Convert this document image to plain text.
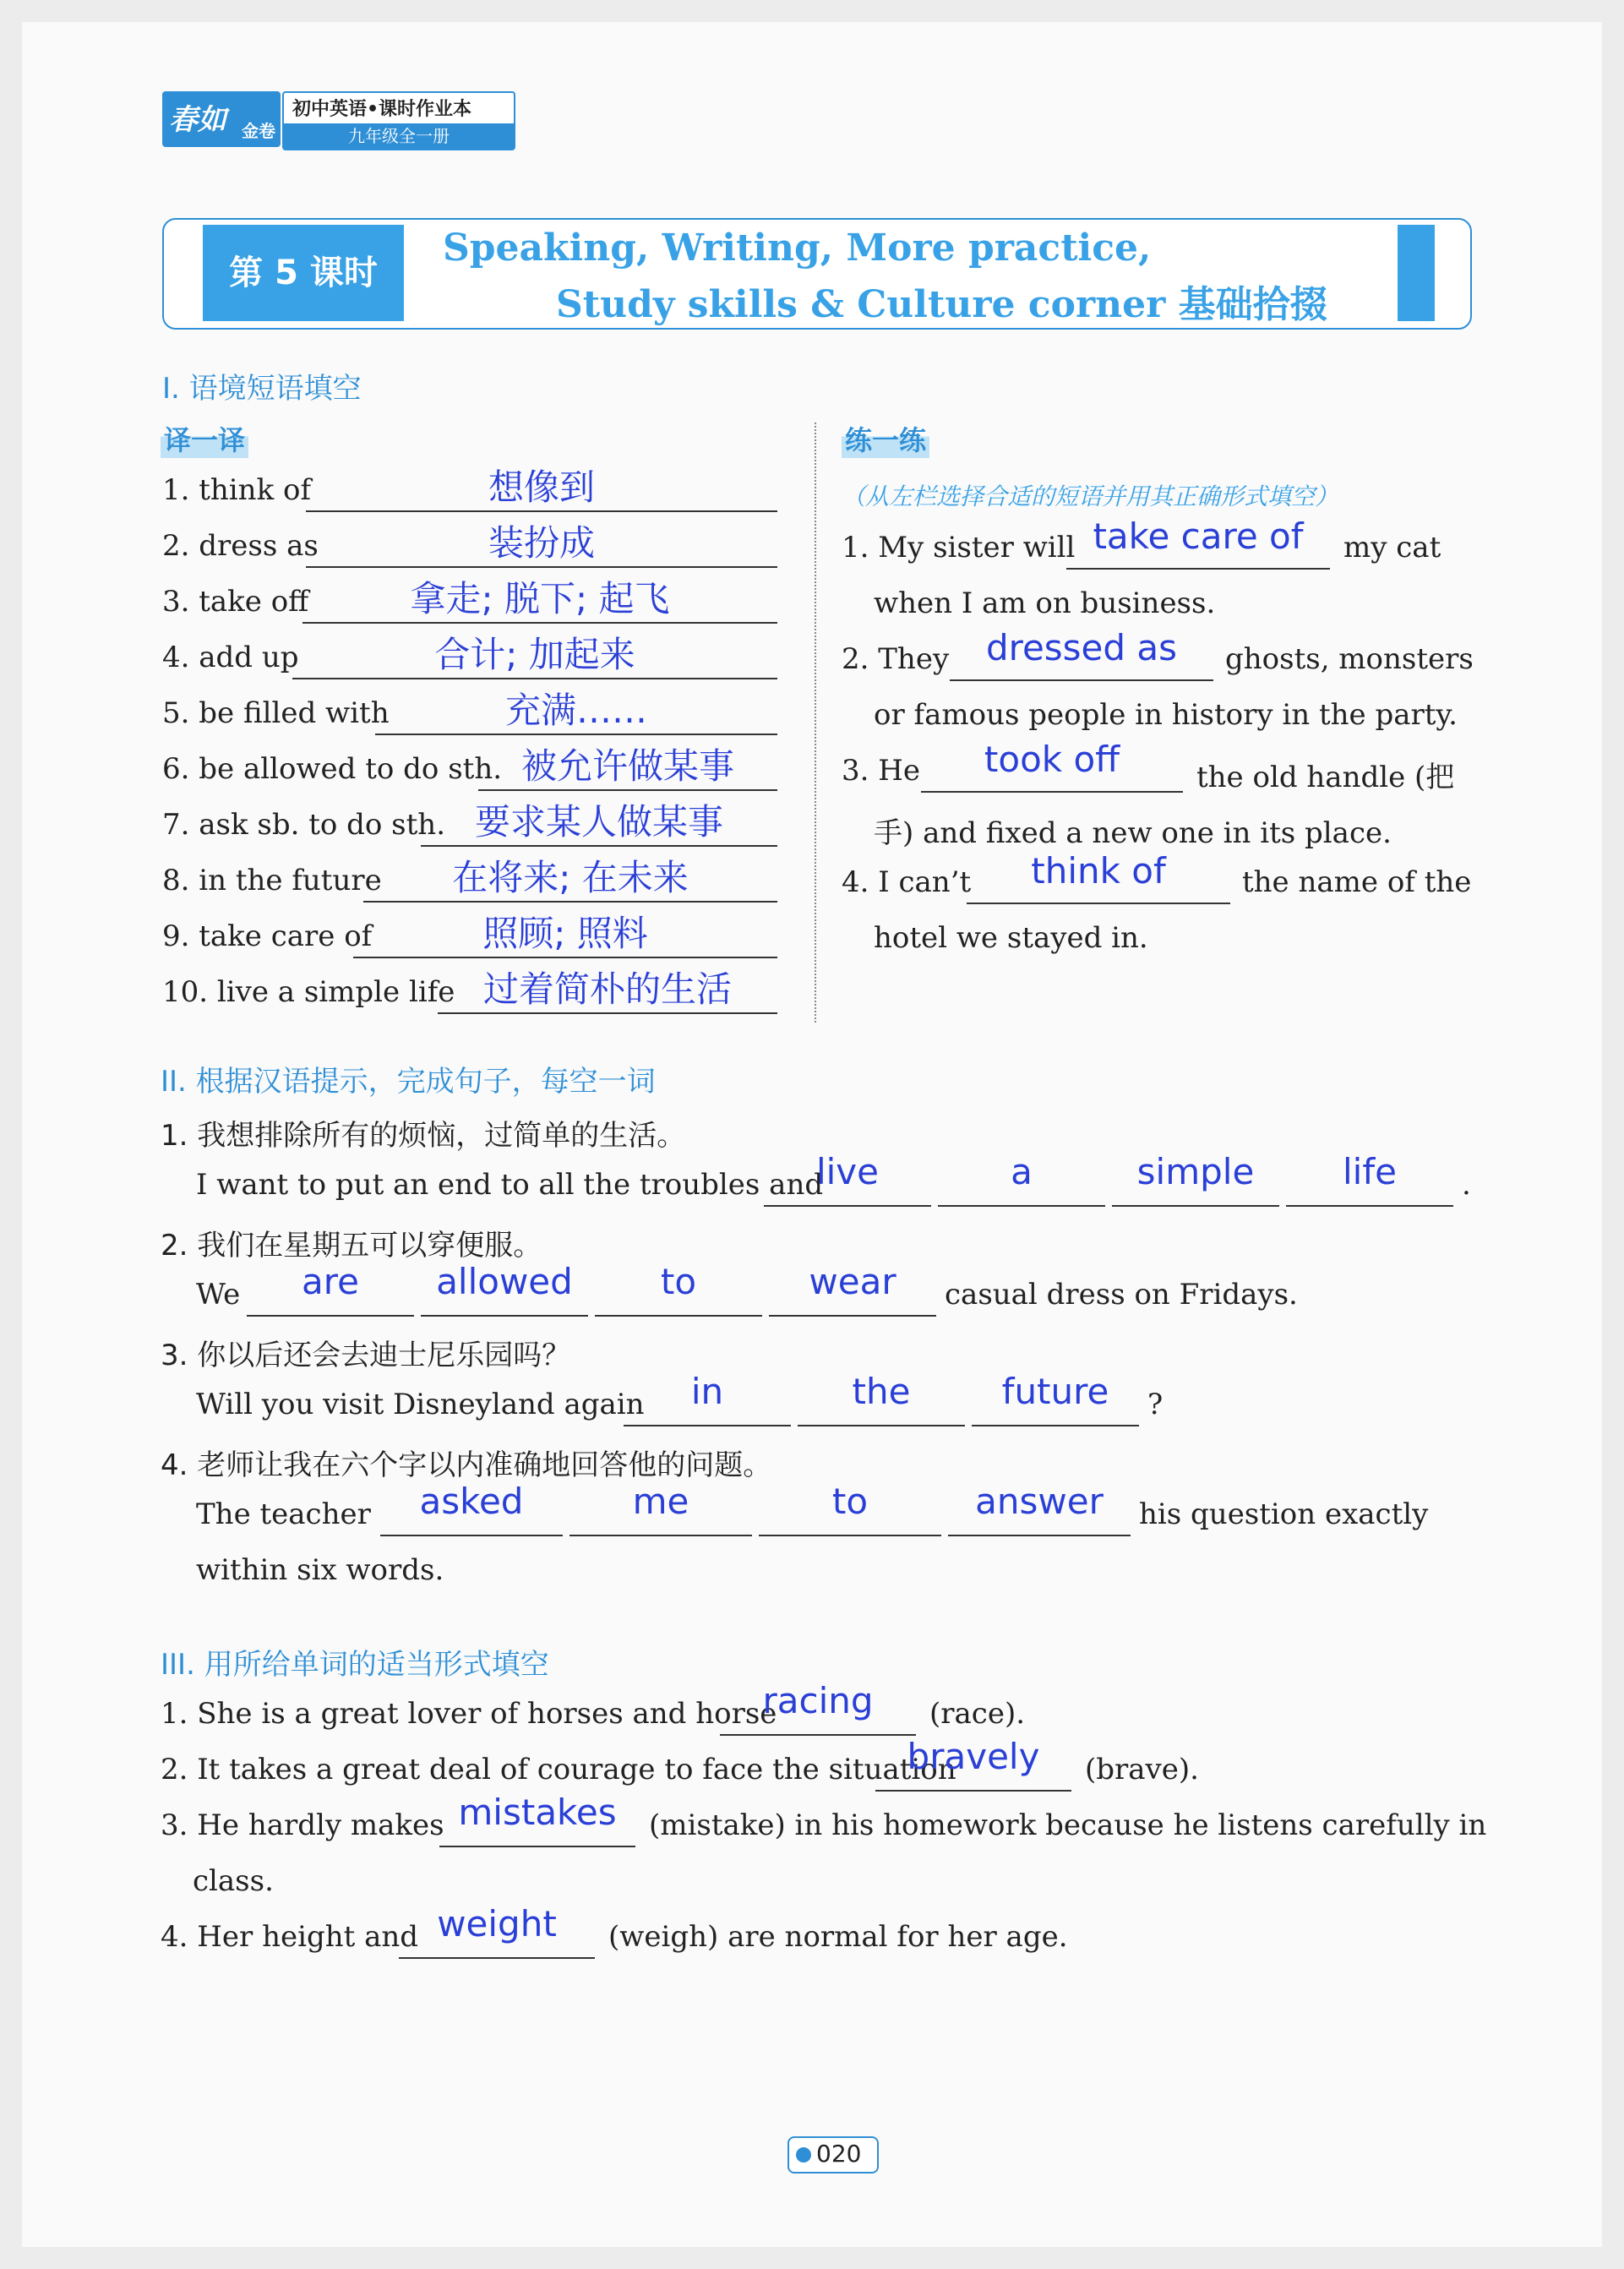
春如 金卷
初中英语•课时作业本
九年级全一册
第 5 课时
Speaking, Writing, More practice,
Study skills & Culture corner 基础拾掇
I. 语境短语填空
译一译	练一练
（从左栏选择合适的短语并用其正确形式填空）
1. think of	想像到
2. dress as	装扮成
3. take off	拿走; 脱下; 起飞
4. add up	合计; 加起来
5. be filled with	充满……
6. be allowed to do sth. 被允许做某事
7. ask sb. to do sth. 要求某人做某事
8. in the future	在将来; 在未来
9. take care of	照顾; 照料
10. live a simple life 过着简朴的生活
1. My sister will take care of	my cat
when I am on business.
2. They	dressed as	ghosts, monsters
or famous people in history in the party.
3. He	took off	the old handle (把
手) and fixed a new one in its place.
4. I can’t	think of	the name of the
hotel we stayed in.
II. 根据汉语提示，完成句子，每空一词
1. 我想排除所有的烦恼，过简单的生活。
I want to put an end to all the troubles and
live	a	simple	life	.
2. 我们在星期五可以穿便服。
We	are	allowed	to	wear	casual dress on Fridays.
3. 你以后还会去迪士尼乐园吗？
Will you visit Disneyland again	in	the	future	?
4. 老师让我在六个字以内准确地回答他的问题。
The teacher	asked	me	to	answer	his question exactly
within six words.
III. 用所给单词的适当形式填空
1. She is a great lover of horses and horse
racing	(race).
2. It takes a great deal of courage to face the situation
bravely	(brave).
3. He hardly makes mistakes	(mistake) in his homework because he listens carefully in
class.
4. Her height and weight	(weigh) are normal for her age.
020
